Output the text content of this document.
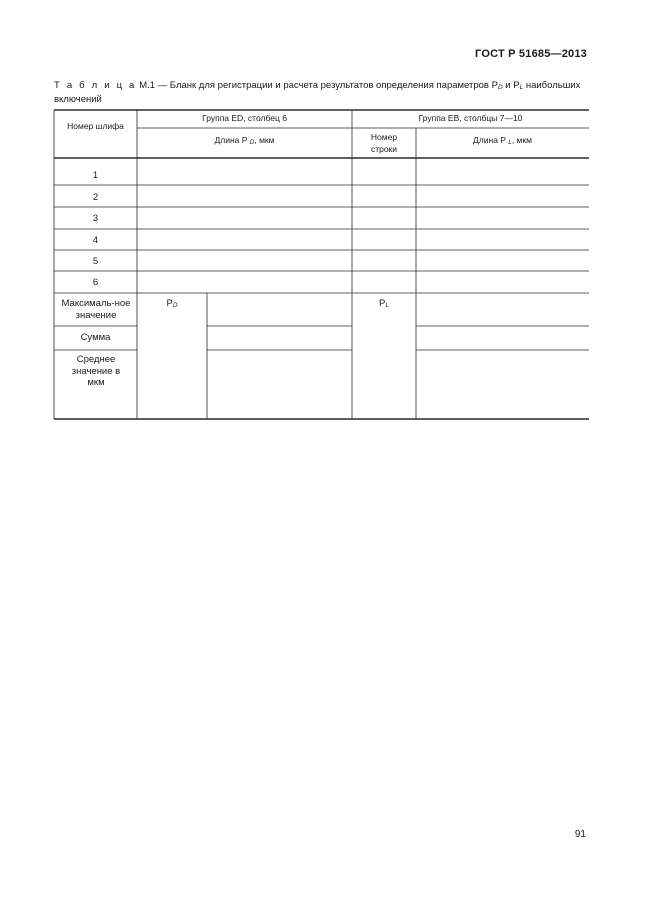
ГОСТ Р 51685—2013
Т а б л и ц а М.1 — Бланк для регистрации и расчета результатов определения параметров $P_D$ и $P_L$ наибольших включений
Номер шлифа
Группа ED, столбец 6
Длина P $_D$, мкм
Группа EB, столбцы 7—10
Номер строки
Длина P $_L$, мкм
1
2
3
4
5
6
Максималь-ное значение
Сумма
Среднее значение в мкм
$P_D$	$P_L$
91
